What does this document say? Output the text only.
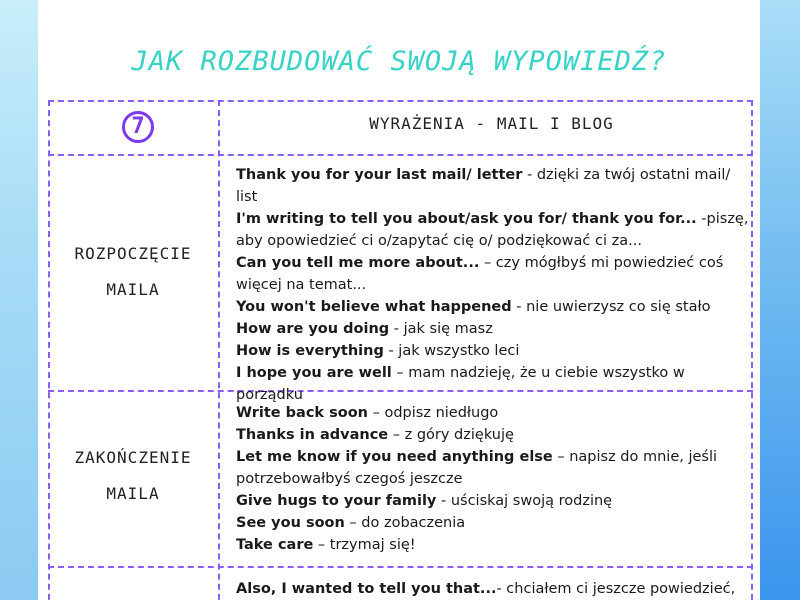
JAK ROZBUDOWAĆ SWOJĄ WYPOWIEDŹ?
7	WYRAŻENIA - MAIL I BLOG
ROZPOCZĘCIE
MAILA
Thank you for your last mail/ letter - dzięki za twój ostatni mail/ list
I'm writing to tell you about/ask you for/ thank you for... -piszę, aby opowiedzieć ci o/zapytać cię o/ podziękować ci za...
Can you tell me more about... – czy mógłbyś mi powiedzieć coś więcej na temat...
You won't believe what happened - nie uwierzysz co się stało
How are you doing - jak się masz
How is everything - jak wszystko leci
I hope you are well – mam nadzieję, że u ciebie wszystko w porządku
ZAKOŃCZENIE
MAILA
Write back soon – odpisz niedługo
Thanks in advance – z góry dziękuję
Let me know if you need anything else – napisz do mnie, jeśli potrzebowałbyś czegoś jeszcze
Give hugs to your family - uściskaj swoją rodzinę
See you soon – do zobaczenia
Take care – trzymaj się!
Also, I wanted to tell you that...- chciałem ci jeszcze powiedzieć,
